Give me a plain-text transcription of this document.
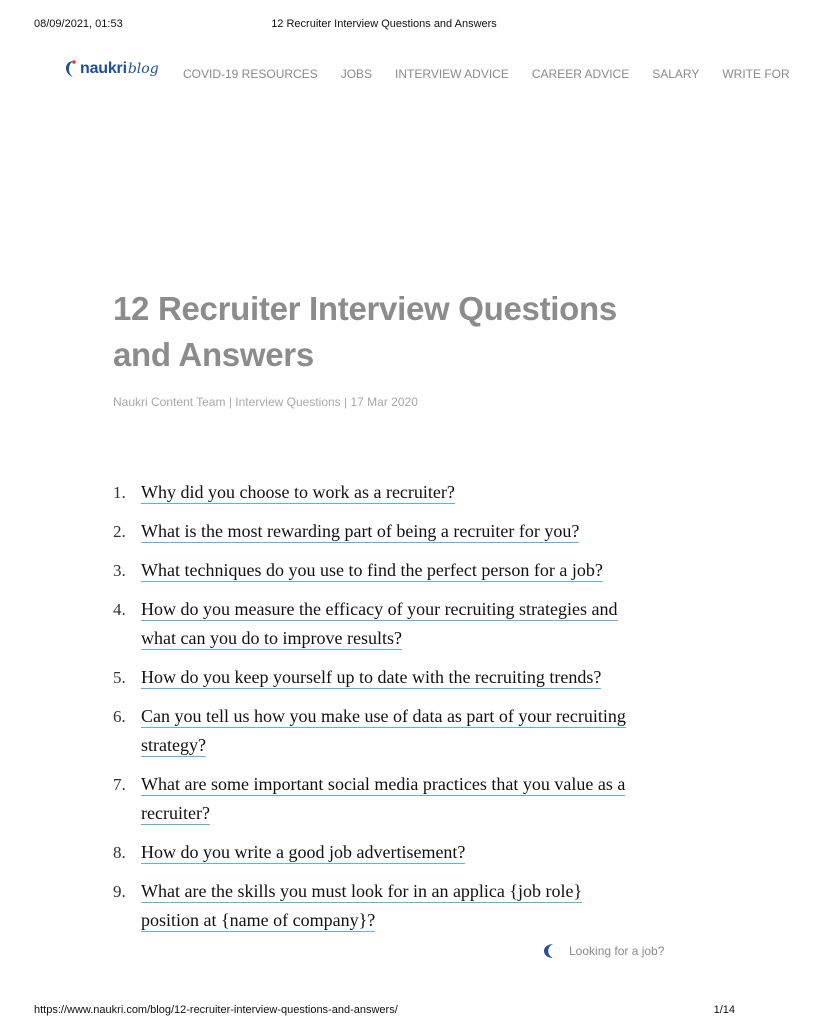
08/09/2021, 01:53	12 Recruiter Interview Questions and Answers
naukri blog COVID-19 RESOURCES JOBS INTERVIEW ADVICE CAREER ADVICE SALARY WRITE FOR
12 Recruiter Interview Questions and Answers
Naukri Content Team | Interview Questions | 17 Mar 2020
1. Why did you choose to work as a recruiter?
2. What is the most rewarding part of being a recruiter for you?
3. What techniques do you use to find the perfect person for a job?
4. How do you measure the efficacy of your recruiting strategies and what can you do to improve results?
5. How do you keep yourself up to date with the recruiting trends?
6. Can you tell us how you make use of data as part of your recruiting strategy?
7. What are some important social media practices that you value as a recruiter?
8. How do you write a good job advertisement?
9. What are the skills you must look for in an applica {job role} position at {name of company}?
Looking for a job?
https://www.naukri.com/blog/12-recruiter-interview-questions-and-answers/	1/14
